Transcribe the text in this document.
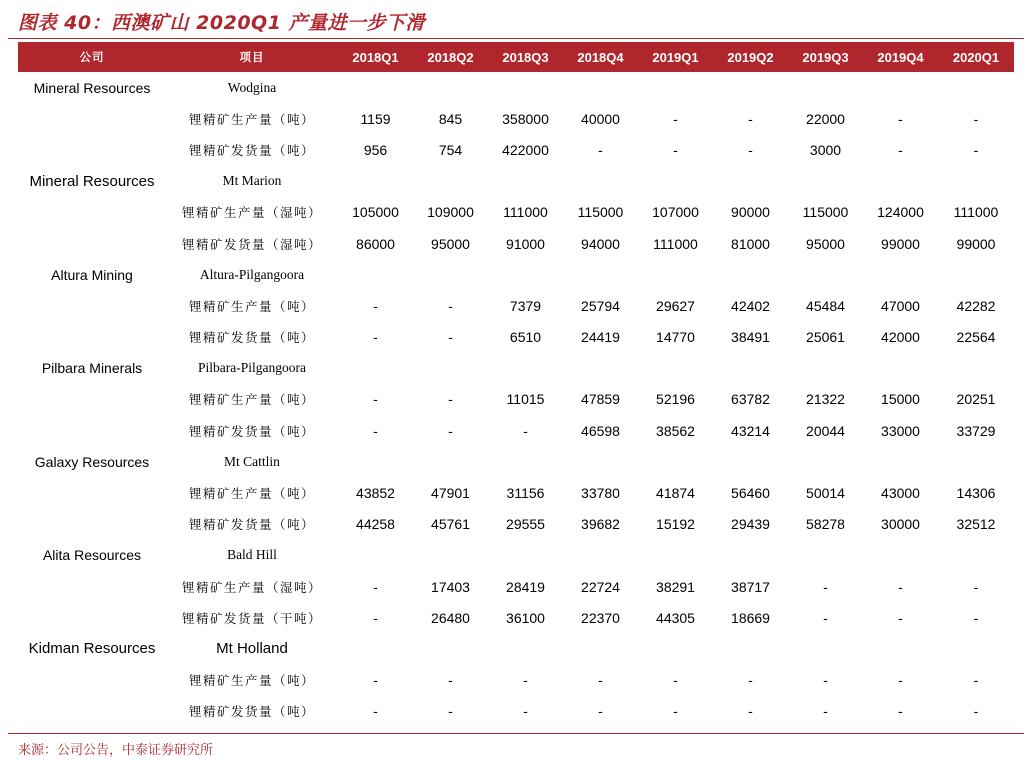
图表 40：西澳矿山 2020Q1 产量进一步下滑
公司	项目	2018Q1	2018Q2	2018Q3	2018Q4	2019Q1	2019Q2	2019Q3	2019Q4	2020Q1
Mineral Resources	Wodgina									
	锂精矿生产量（吨）	1159	845	358000	40000	-	-	22000	-	-
	锂精矿发货量（吨）	956	754	422000	-	-	-	3000	-	-
Mineral Resources	Mt Marion									
	锂精矿生产量（湿吨）	105000	109000	111000	115000	107000	90000	115000	124000	111000
	锂精矿发货量（湿吨）	86000	95000	91000	94000	111000	81000	95000	99000	99000
Altura Mining	Altura-Pilgangoora									
	锂精矿生产量（吨）	-	-	7379	25794	29627	42402	45484	47000	42282
	锂精矿发货量（吨）	-	-	6510	24419	14770	38491	25061	42000	22564
Pilbara Minerals	Pilbara-Pilgangoora									
	锂精矿生产量（吨）	-	-	11015	47859	52196	63782	21322	15000	20251
	锂精矿发货量（吨）	-	-	-	46598	38562	43214	20044	33000	33729
Galaxy Resources	Mt Cattlin									
	锂精矿生产量（吨）	43852	47901	31156	33780	41874	56460	50014	43000	14306
	锂精矿发货量（吨）	44258	45761	29555	39682	15192	29439	58278	30000	32512
Alita Resources	Bald Hill									
	锂精矿生产量（湿吨）	-	17403	28419	22724	38291	38717	-	-	-
	锂精矿发货量（干吨）	-	26480	36100	22370	44305	18669	-	-	-
Kidman Resources	Mt Holland									
	锂精矿生产量（吨）	-	-	-	-	-	-	-	-	-
	锂精矿发货量（吨）	-	-	-	-	-	-	-	-	-
来源：公司公告，中泰证券研究所
